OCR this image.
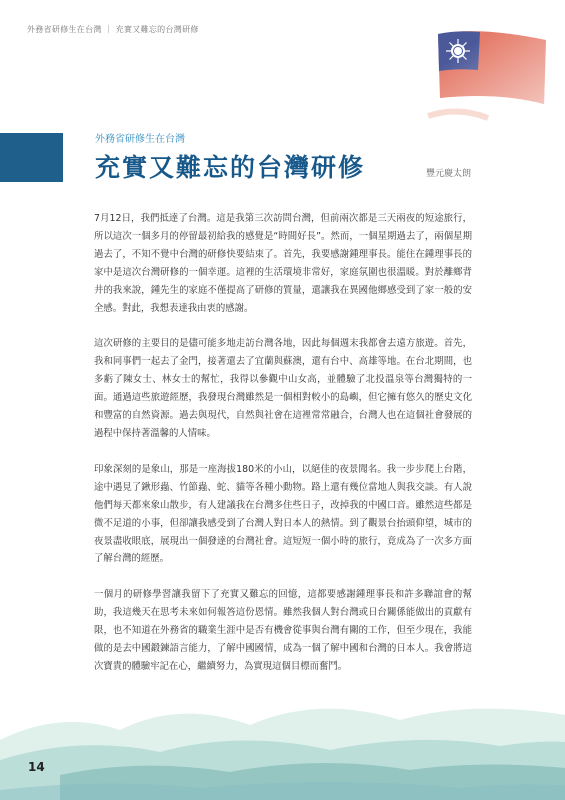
外務省研修生在台灣 ｜ 充實又難忘的台灣研修
外務省研修生在台灣
充實又難忘的台灣研修	豐元慶太朗

7月12日，我們抵達了台灣。這是我第三次訪問台灣，但前兩次都是三天兩夜的短途旅行，所以這次一個多月的停留最初給我的感覺是“時間好長”。然而，一個星期過去了，兩個星期過去了，不知不覺中台灣的研修快要結束了。首先，我要感謝鍾理事長。能住在鍾理事長的家中是這次台灣研修的一個幸運。這裡的生活環境非常好，家庭氛圍也很溫暖。對於離鄉背井的我來說，鍾先生的家庭不僅提高了研修的質量，還讓我在異國他鄉感受到了家一般的安全感。對此，我想表達我由衷的感謝。

這次研修的主要目的是儘可能多地走訪台灣各地，因此每個週末我都會去遠方旅遊。首先，我和同事們一起去了金門，接著還去了宜蘭與蘇澳，還有台中、高雄等地。在台北期間，也多虧了陳女士、林女士的幫忙，我得以參觀中山女高，並體驗了北投溫泉等台灣獨特的一面。通過這些旅遊經歷，我發現台灣雖然是一個相對較小的島嶼，但它擁有悠久的歷史文化和豐富的自然資源。過去與現代，自然與社會在這裡常常融合，台灣人也在這個社會發展的過程中保持著溫馨的人情味。

印象深刻的是象山，那是一座海拔180米的小山，以絕佳的夜景聞名。我一步步爬上台階，途中遇見了鍬形蟲、竹節蟲、蛇、貓等各種小動物。路上還有幾位當地人與我交談。有人說他們每天都來象山散步，有人建議我在台灣多住些日子，改掉我的中國口音。雖然這些都是微不足道的小事，但卻讓我感受到了台灣人對日本人的熱情。到了觀景台抬頭仰望，城市的夜景盡收眼底，展現出一個發達的台灣社會。這短短一個小時的旅行，竟成為了一次多方面了解台灣的經歷。

一個月的研修學習讓我留下了充實又難忘的回憶，這都要感謝鍾理事長和許多聯誼會的幫助，我這幾天在思考未來如何報答這份恩情。雖然我個人對台灣或日台關係能做出的貢獻有限，也不知道在外務省的職業生涯中是否有機會從事與台灣有關的工作，但至少現在，我能做的是去中國鍛鍊語言能力，了解中國國情，成為一個了解中國和台灣的日本人。我會將這次寶貴的體驗牢記在心，繼續努力，為實現這個目標而奮鬥。

14
